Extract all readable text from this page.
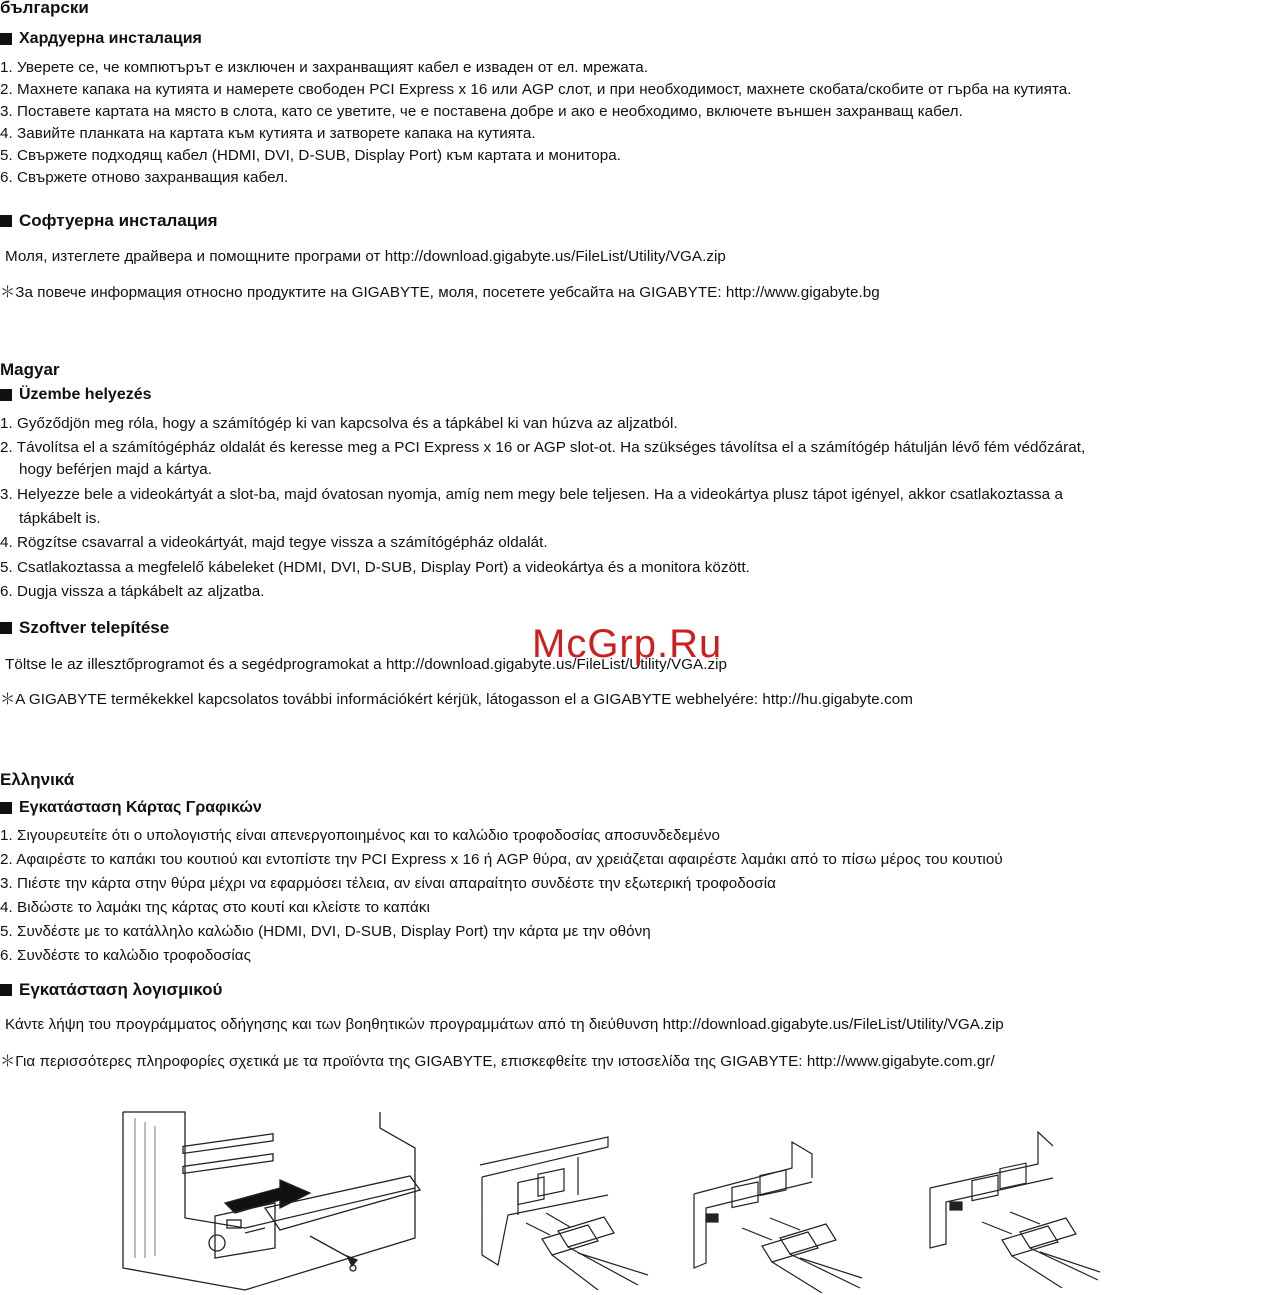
български
Хардуерна инсталация
1. Уверете се, че компютърът е изключен и захранващият кабел е изваден от ел. мрежата.
2. Махнете капака на кутията и намерете свободен PCI Express x 16 или AGP слот, и при необходимост, махнете скобата/скобите от гърба на кутията.
3. Поставете картата на място в слота, като се уветите, че е поставена добре и ако е необходимо, включете външен захранващ кабел.
4. Завийте планката на картата към кутията и затворете капака на кутията.
5. Свържете подходящ кабел (HDMI, DVI, D-SUB, Display Port) към картата и монитора.
6. Свържете отново захранващия кабел.
Софтуерна инсталация
Моля, изтеглете драйвера и помощните програми от http://download.gigabyte.us/FileList/Utility/VGA.zip
＊За повече информация относно продуктите на GIGABYTE, моля, посетете уебсайта на GIGABYTE: http://www.gigabyte.bg
Magyar
Üzembe helyezés
1. Győződjön meg róla, hogy a számítógép ki van kapcsolva és a tápkábel ki van húzva az aljzatból.
2. Távolítsa el a számítógépház oldalát és keresse meg a PCI Express x 16 or AGP slot-ot. Ha szükséges távolítsa el a számítógép hátulján lévő fém védőzárat,
hogy beférjen majd a kártya.
3. Helyezze bele a videokártyát a slot-ba, majd óvatosan nyomja, amíg nem megy bele teljesen. Ha a videokártya plusz tápot igényel, akkor csatlakoztassa a
tápkábelt is.
4. Rögzítse csavarral a videokártyát, majd tegye vissza a számítógépház oldalát.
5. Csatlakoztassa a megfelelő kábeleket (HDMI, DVI, D-SUB, Display Port) a videokártya és a monitora között.
6. Dugja vissza a tápkábelt az aljzatba.
Szoftver telepítése
Töltse le az illesztőprogramot és a segédprogramokat a http://download.gigabyte.us/FileList/Utility/VGA.zip
＊A GIGABYTE termékekkel kapcsolatos további információkért kérjük, látogasson el a GIGABYTE webhelyére: http://hu.gigabyte.com
Ελληνικά
Εγκατάσταση Κάρτας Γραφικών
1. Σιγουρευτείτε ότι ο υπολογιστής είναι απενεργοποιημένος και το καλώδιο τροφοδοσίας αποσυνδεδεμένο
2. Αφαιρέστε το καπάκι του κουτιού και εντοπίστε την PCI Express x 16 ή AGP θύρα, αν χρειάζεται αφαιρέστε λαμάκι από το πίσω μέρος του κουτιού
3. Πιέστε την κάρτα στην θύρα μέχρι να εφαρμόσει τέλεια, αν είναι απαραίτητο συνδέστε την εξωτερική τροφοδοσία
4. Βιδώστε το λαμάκι της κάρτας στο κουτί και κλείστε το καπάκι
5. Συνδέστε με το κατάλληλο καλώδιο (HDMI, DVI, D-SUB, Display Port) την κάρτα με την οθόνη
6. Συνδέστε το καλώδιο τροφοδοσίας
Εγκατάσταση λογισμικού
Κάντε λήψη του προγράμματος οδήγησης και των βοηθητικών προγραμμάτων από τη διεύθυνση http://download.gigabyte.us/FileList/Utility/VGA.zip
＊Για περισσότερες πληροφορίες σχετικά με τα προϊόντα της GIGABYTE, επισκεφθείτε την ιστοσελίδα της GIGABYTE: http://www.gigabyte.com.gr/
McGrp.Ru
